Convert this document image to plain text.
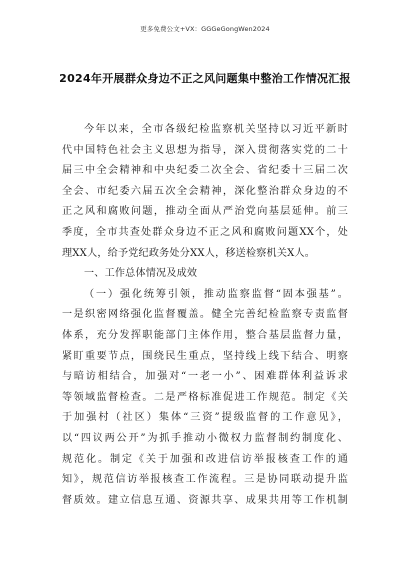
更多免费公文+VX：GGGeGongWen2024
2024年开展群众身边不正之风问题集中整治工作情况汇报
今年以来，全市各级纪检监察机关坚持以习近平新时
代中国特色社会主义思想为指导，深入贯彻落实党的二十
届三中全会精神和中央纪委二次全会、省纪委十三届二次
全会、市纪委六届五次全会精神，深化整治群众身边的不
正之风和腐败问题，推动全面从严治党向基层延伸。前三
季度，全市共查处群众身边不正之风和腐败问题XX个，处
理XX人，给予党纪政务处分XX人，移送检察机关X人。
一、工作总体情况及成效
（一）强化统筹引领，推动监察监督“固本强基”。
一是织密网络强化监督覆盖。健全完善纪检监察专责监督
体系，充分发挥职能部门主体作用，整合基层监督力量，
紧盯重要节点，围绕民生重点，坚持线上线下结合、明察
与暗访相结合，加强对“一老一小”、困难群体利益诉求
等领域监督检查。二是严格标准促进工作规范。制定《关
于加强村（社区）集体“三资”提级监督的工作意见》，
以“四议两公开”为抓手推动小微权力监督制约制度化、
规范化。制定《关于加强和改进信访举报核查工作的通
知》，规范信访举报核查工作流程。三是协同联动提升监
督质效。建立信息互通、资源共享、成果共用等工作机制
